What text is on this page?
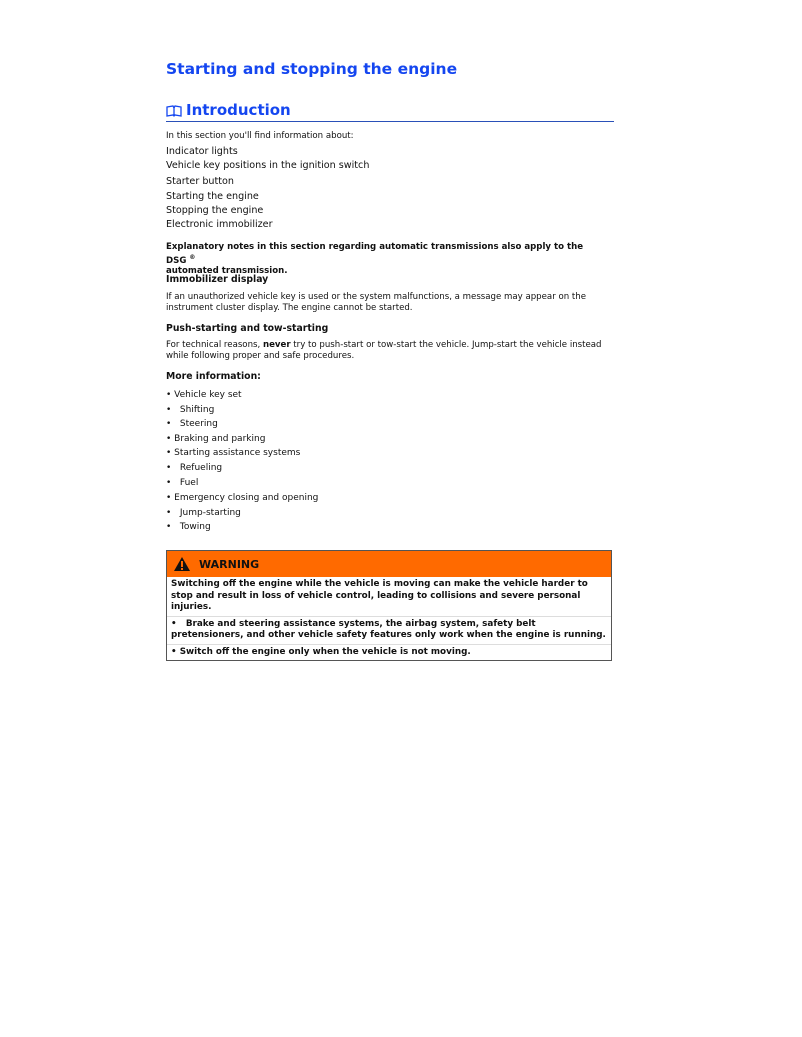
Starting and stopping the engine
Introduction
In this section you'll find information about:
Indicator lights
Vehicle key positions in the ignition switch
Starter button
Starting the engine
Stopping the engine
Electronic immobilizer
Explanatory notes in this section regarding automatic transmissions also apply to the DSG ®
automated transmission.
Immobilizer display
If an unauthorized vehicle key is used or the system malfunctions, a message may appear on the instrument cluster display. The engine cannot be started.
Push-starting and tow-starting
For technical reasons, never try to push-start or tow-start the vehicle. Jump-start the vehicle instead while following proper and safe procedures.
More information:
• Vehicle key set
•   Shifting
•   Steering
• Braking and parking
• Starting assistance systems
•   Refueling
•   Fuel
• Emergency closing and opening
•   Jump-starting
•   Towing
WARNING

Switching off the engine while the vehicle is moving can make the vehicle harder to stop and result in loss of vehicle control, leading to collisions and severe personal injuries.

•   Brake and steering assistance systems, the airbag system, safety belt pretensioners, and other vehicle safety features only work when the engine is running.

• Switch off the engine only when the vehicle is not moving.
